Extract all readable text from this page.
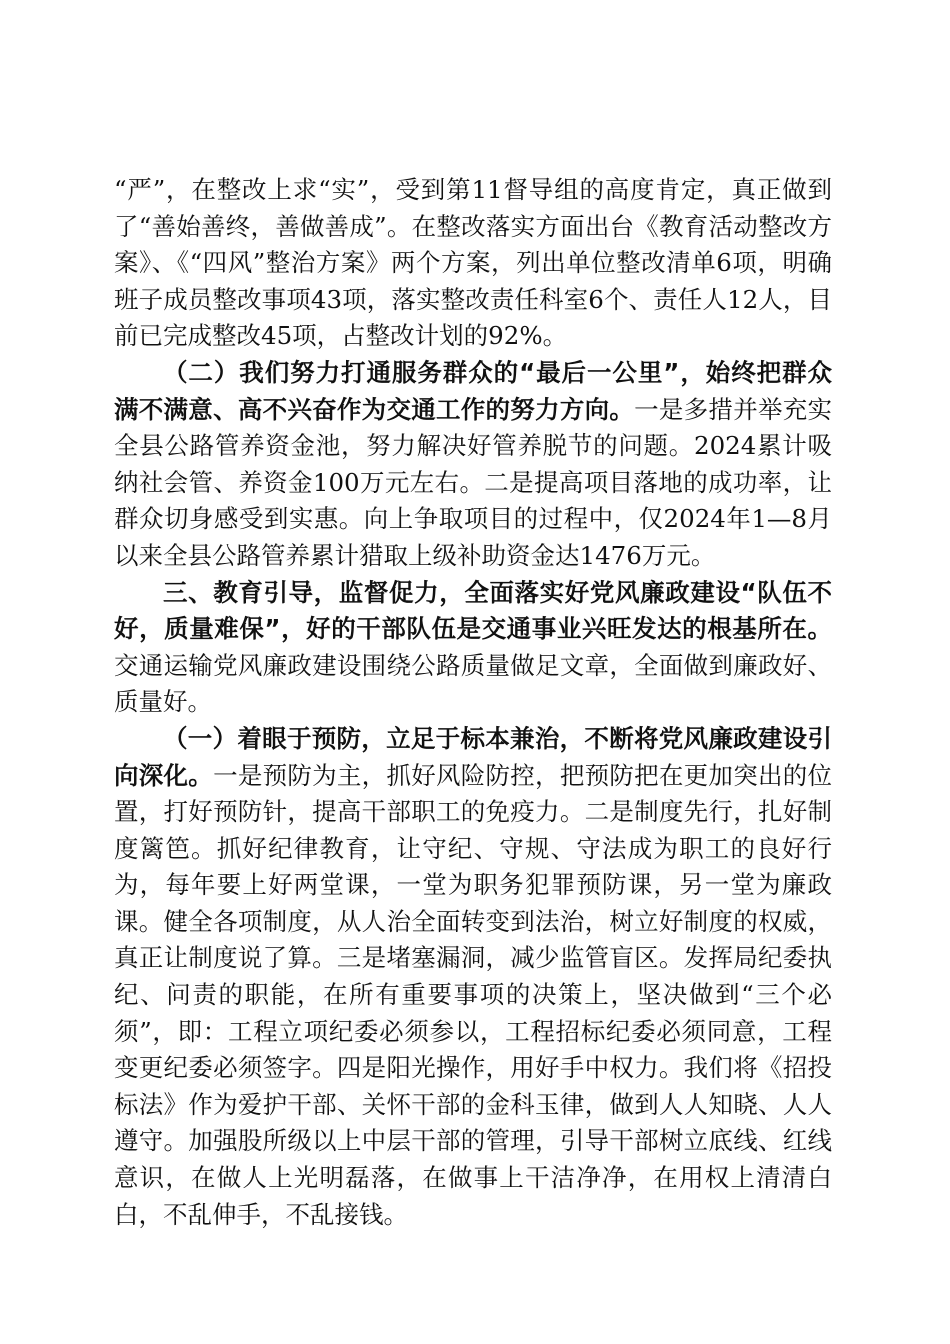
“严”，在整改上求“实”，受到第11督导组的高度肯定，真正做到了“善始善终，善做善成”。在整改落实方面出台《教育活动整改方案》、《“四风”整治方案》两个方案，列出单位整改清单6项，明确班子成员整改事项43项，落实整改责任科室6个、责任人12人，目前已完成整改45项，占整改计划的92%。

（二）我们努力打通服务群众的“最后一公里”，始终把群众满不满意、高不兴奋作为交通工作的努力方向。一是多措并举充实全县公路管养资金池，努力解决好管养脱节的问题。2024累计吸纳社会管、养资金100万元左右。二是提高项目落地的成功率，让群众切身感受到实惠。向上争取项目的过程中，仅2024年1—8月以来全县公路管养累计猎取上级补助资金达1476万元。

三、教育引导，监督促力，全面落实好党风廉政建设“队伍不好，质量难保”，好的干部队伍是交通事业兴旺发达的根基所在。交通运输党风廉政建设围绕公路质量做足文章，全面做到廉政好、质量好。

（一）着眼于预防，立足于标本兼治，不断将党风廉政建设引向深化。一是预防为主，抓好风险防控，把预防把在更加突出的位置，打好预防针，提高干部职工的免疫力。二是制度先行，扎好制度篱笆。抓好纪律教育，让守纪、守规、守法成为职工的良好行为，每年要上好两堂课，一堂为职务犯罪预防课，另一堂为廉政课。健全各项制度，从人治全面转变到法治，树立好制度的权威，真正让制度说了算。三是堵塞漏洞，减少监管盲区。发挥局纪委执纪、问责的职能，在所有重要事项的决策上，坚决做到“三个必须”，即：工程立项纪委必须参以，工程招标纪委必须同意，工程变更纪委必须签字。四是阳光操作，用好手中权力。我们将《招投标法》作为爱护干部、关怀干部的金科玉律，做到人人知晓、人人遵守。加强股所级以上中层干部的管理，引导干部树立底线、红线意识，在做人上光明磊落，在做事上干洁净净，在用权上清清白白，不乱伸手，不乱接钱。
